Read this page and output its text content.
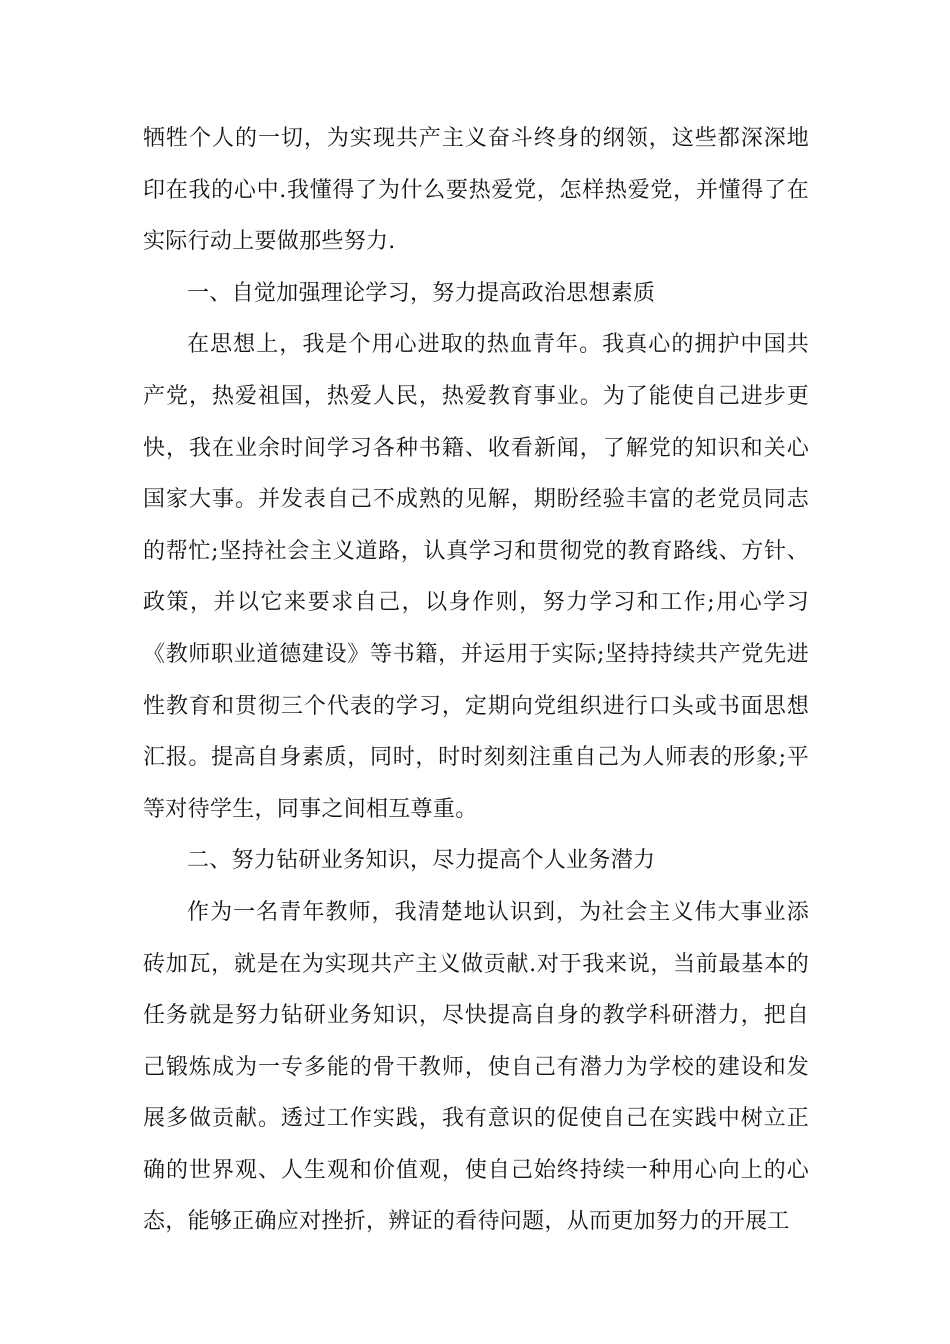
牺牲个人的一切，为实现共产主义奋斗终身的纲领，这些都深深地印在我的心中.我懂得了为什么要热爱党，怎样热爱党，并懂得了在实际行动上要做那些努力.

一、自觉加强理论学习，努力提高政治思想素质

在思想上，我是个用心进取的热血青年。我真心的拥护中国共产党，热爱祖国，热爱人民，热爱教育事业。为了能使自己进步更快，我在业余时间学习各种书籍、收看新闻，了解党的知识和关心国家大事。并发表自己不成熟的见解，期盼经验丰富的老党员同志的帮忙;坚持社会主义道路，认真学习和贯彻党的教育路线、方针、政策，并以它来要求自己，以身作则，努力学习和工作;用心学习《教师职业道德建设》等书籍，并运用于实际;坚持持续共产党先进性教育和贯彻三个代表的学习，定期向党组织进行口头或书面思想汇报。提高自身素质，同时，时时刻刻注重自己为人师表的形象;平等对待学生，同事之间相互尊重。

二、努力钻研业务知识，尽力提高个人业务潜力

作为一名青年教师，我清楚地认识到，为社会主义伟大事业添砖加瓦，就是在为实现共产主义做贡献.对于我来说，当前最基本的任务就是努力钻研业务知识，尽快提高自身的教学科研潜力，把自己锻炼成为一专多能的骨干教师，使自己有潜力为学校的建设和发展多做贡献。透过工作实践，我有意识的促使自己在实践中树立正确的世界观、人生观和价值观，使自己始终持续一种用心向上的心态，能够正确应对挫折，辨证的看待问题，从而更加努力的开展工
